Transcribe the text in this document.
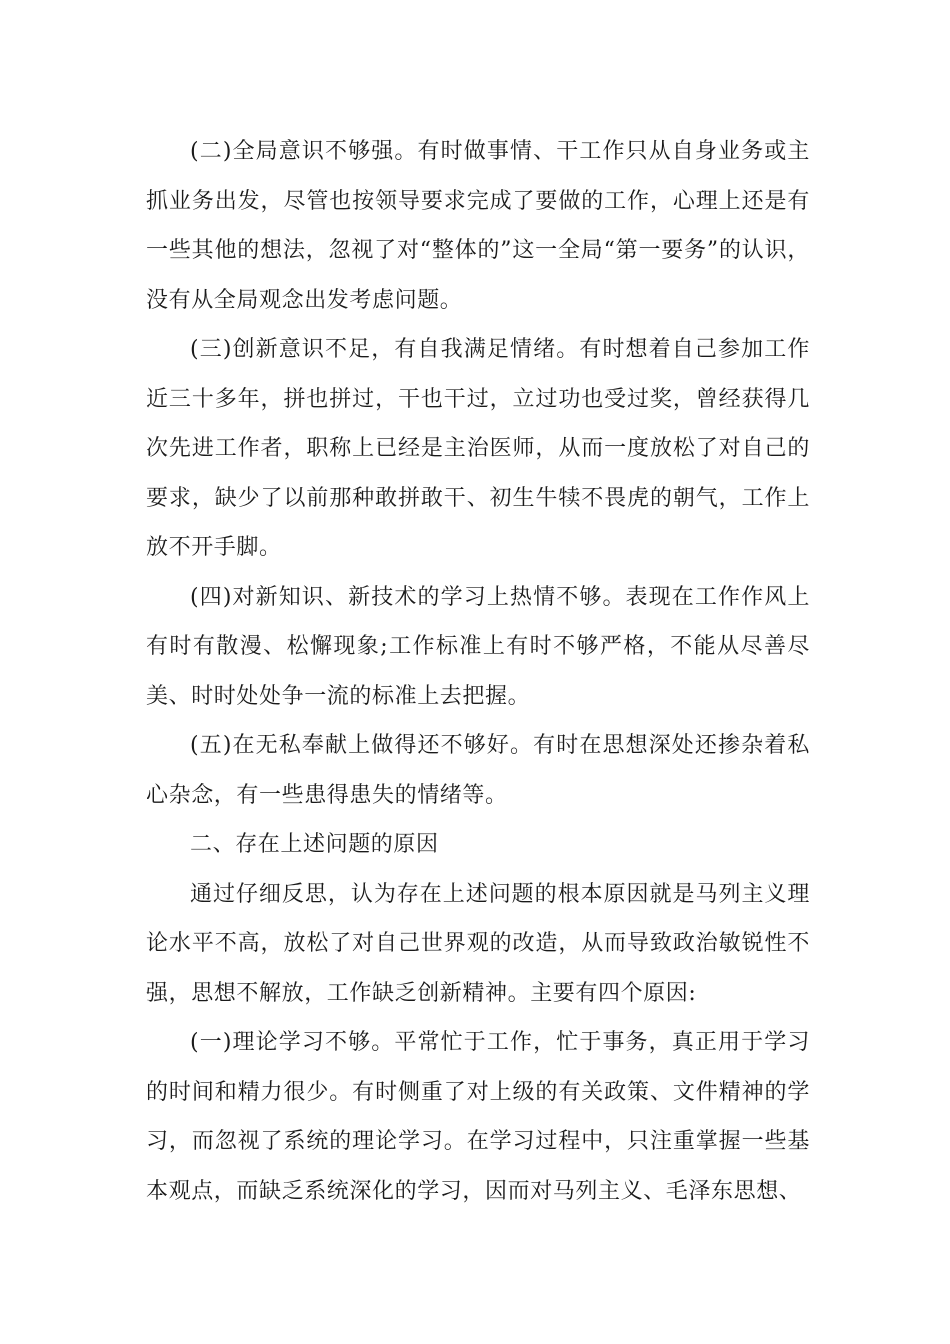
(二)全局意识不够强。有时做事情、干工作只从自身业务或主抓业务出发，尽管也按领导要求完成了要做的工作，心理上还是有一些其他的想法，忽视了对“整体的”这一全局“第一要务”的认识，没有从全局观念出发考虑问题。

(三)创新意识不足，有自我满足情绪。有时想着自己参加工作近三十多年，拼也拼过，干也干过，立过功也受过奖，曾经获得几次先进工作者，职称上已经是主治医师，从而一度放松了对自己的要求，缺少了以前那种敢拼敢干、初生牛犊不畏虎的朝气，工作上放不开手脚。

(四)对新知识、新技术的学习上热情不够。表现在工作作风上有时有散漫、松懈现象;工作标准上有时不够严格，不能从尽善尽美、时时处处争一流的标准上去把握。

(五)在无私奉献上做得还不够好。有时在思想深处还掺杂着私心杂念，有一些患得患失的情绪等。

二、存在上述问题的原因

通过仔细反思，认为存在上述问题的根本原因就是马列主义理论水平不高，放松了对自己世界观的改造，从而导致政治敏锐性不强，思想不解放，工作缺乏创新精神。主要有四个原因:

(一)理论学习不够。平常忙于工作，忙于事务，真正用于学习的时间和精力很少。有时侧重了对上级的有关政策、文件精神的学习，而忽视了系统的理论学习。在学习过程中，只注重掌握一些基本观点，而缺乏系统深化的学习，因而对马列主义、毛泽东思想、
